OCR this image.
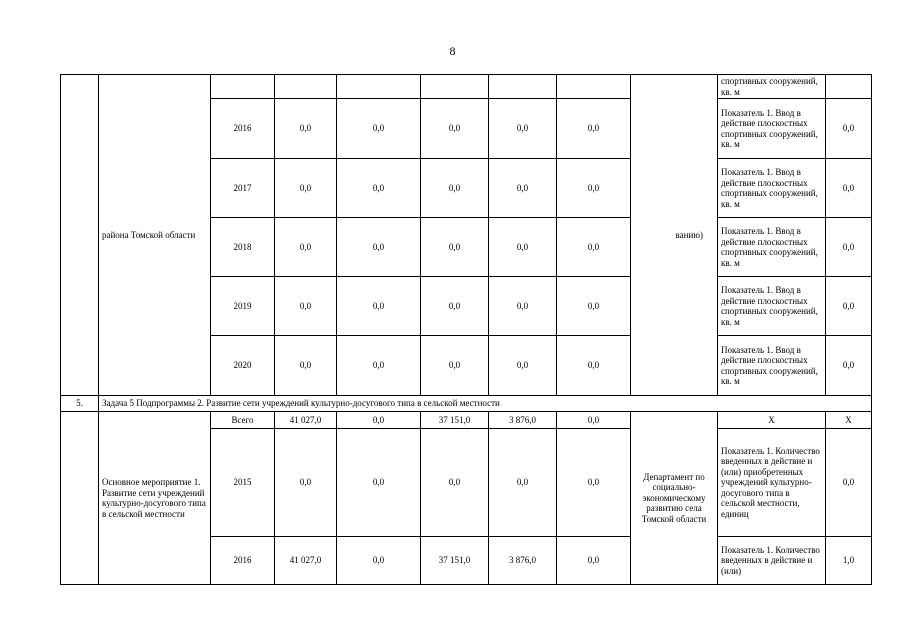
8
	района Томской области							ванию)	спортивных сооружений, кв. м	
		2016	0,0	0,0	0,0	0,0	0,0		Показатель 1. Ввод в действие плоскостных спортивных сооружений, кв. м	0,0
		2017	0,0	0,0	0,0	0,0	0,0		Показатель 1. Ввод в действие плоскостных спортивных сооружений, кв. м	0,0
		2018	0,0	0,0	0,0	0,0	0,0		Показатель 1. Ввод в действие плоскостных спортивных сооружений, кв. м	0,0
		2019	0,0	0,0	0,0	0,0	0,0		Показатель 1. Ввод в действие плоскостных спортивных сооружений, кв. м	0,0
		2020	0,0	0,0	0,0	0,0	0,0		Показатель 1. Ввод в действие плоскостных спортивных сооружений, кв. м	0,0
5.	Задача 5 Подпрограммы 2. Развитие сети учреждений культурно-досугового типа в сельской местности									
	Основное мероприятие 1. Развитие сети учреждений культурно-досугового типа в сельской местности	Всего	41 027,0	0,0	37 151,0	3 876,0	0,0	Департамент по социально-экономическому развитию села Томской области	X	X
		2015	0,0	0,0	0,0	0,0	0,0		Показатель 1. Количество введенных в действие и (или) приобретенных учреждений культурно-досугового типа в сельской местности, единиц	0,0
		2016	41 027,0	0,0	37 151,0	3 876,0	0,0		Показатель 1. Количество введенных в действие и (или)	1,0
